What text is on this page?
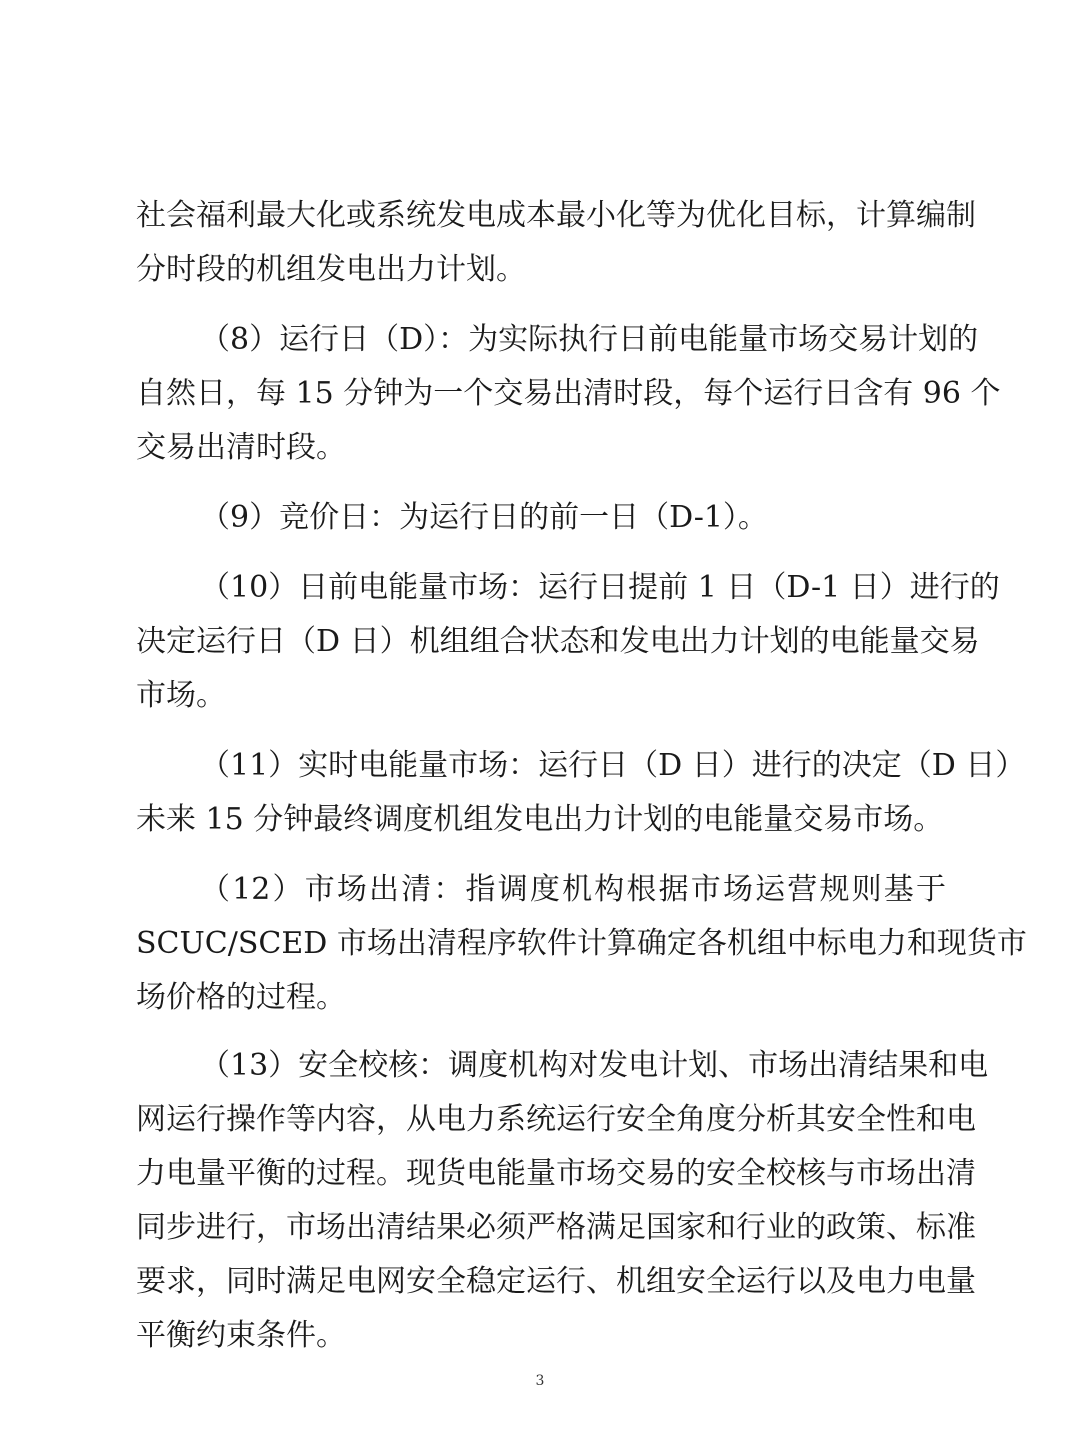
社会福利最大化或系统发电成本最小化等为优化目标，计算编制
分时段的机组发电出力计划。
（8）运行日（D）：为实际执行日前电能量市场交易计划的
自然日，每 15 分钟为一个交易出清时段，每个运行日含有 96 个
交易出清时段。
（9）竞价日：为运行日的前一日（D-1）。
（10）日前电能量市场：运行日提前 1 日（D-1 日）进行的
决定运行日（D 日）机组组合状态和发电出力计划的电能量交易
市场。
（11）实时电能量市场：运行日（D 日）进行的决定（D 日）
未来 15 分钟最终调度机组发电出力计划的电能量交易市场。
（12）市场出清：指调度机构根据市场运营规则基于
SCUC/SCED 市场出清程序软件计算确定各机组中标电力和现货市
场价格的过程。
（13）安全校核：调度机构对发电计划、市场出清结果和电
网运行操作等内容，从电力系统运行安全角度分析其安全性和电
力电量平衡的过程。现货电能量市场交易的安全校核与市场出清
同步进行，市场出清结果必须严格满足国家和行业的政策、标准
要求，同时满足电网安全稳定运行、机组安全运行以及电力电量
平衡约束条件。
3
